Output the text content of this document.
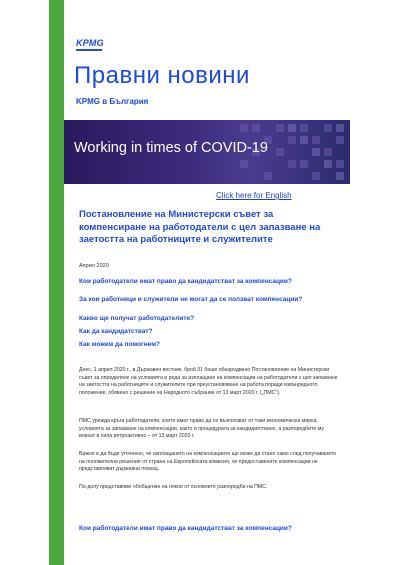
KPMG
Правни новини
KPMG в България
Working in times of COVID-19
Click here for English
Постановление на Министерски съвет за компенсиране на работодатели с цел запазване на заетостта на работниците и служителите
Април 2020
Кои работодатели имат право да кандидатстват за компенсации?
За кои работници и служители не могат да се ползват компенсации?
Какво ще получат работодателите?
Как да кандидатстват?
Как можем да помогнем?
Днес, 1 април 2020 г., в Държавен вестник, брой 31 беше обнародвано Постановление на Министерски съвет за определяне на условията и реда за изплащане на компенсации на работодатели с цел запазване на заетостта на работниците и служителите при преустановяване на работа поради извънредното положение, обявено с решение на Народното събрание от 13 март 2020 г. („ПМС").
ПМС урежда кръга работодатели, които имат право да се възползват от тази икономическа мярка, условията за запазване на компенсации, както и процедурата за кандидатстване, а разпоредбите му влизат в сила ретроактивно – от 13 март 2020 г.
Важно е да бъде уточнено, че изплащането на компенсациите ще може да стане само след получаването на положително решение от страна на Европейската комисия, че предоставените компенсации не представляват държавна помощ.
По-долу представяме обобщение на някои от основните разпоредби на ПМС.
Кои работодатели имат право да кандидатстват за компенсации?
